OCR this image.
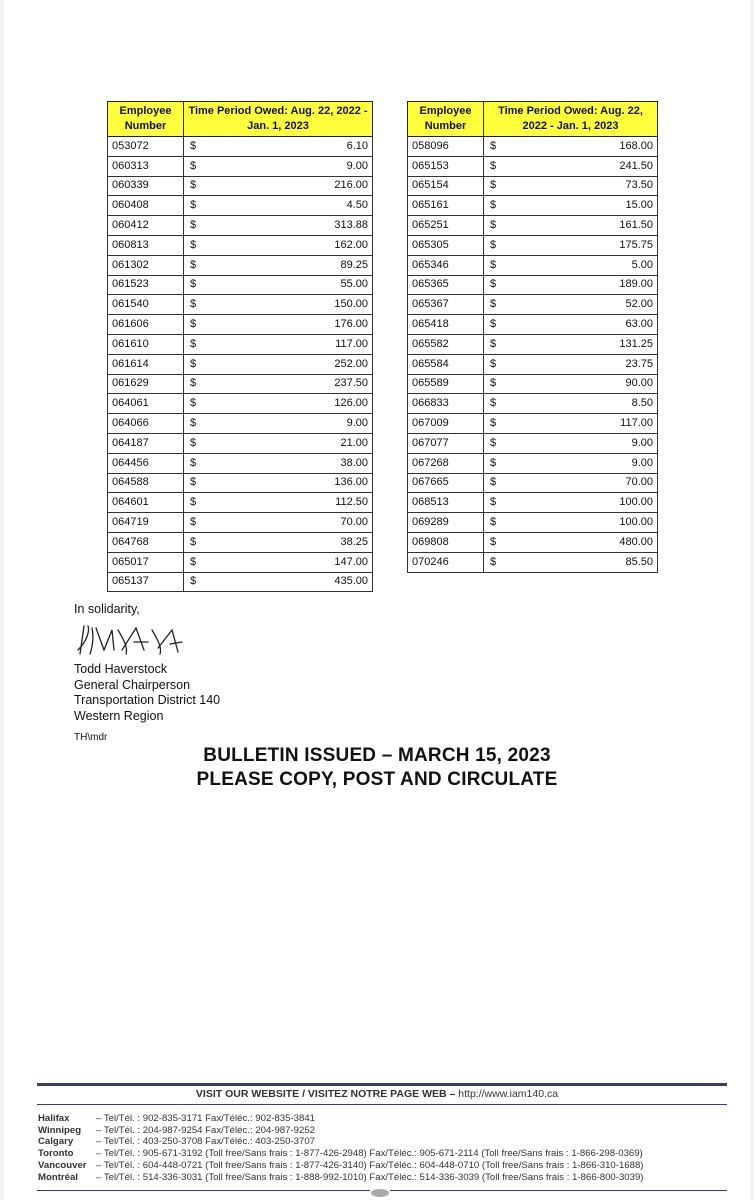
Employee Number	Time Period Owed: Aug. 22, 2022 - Jan. 1, 2023
053072	$ 6.10

060313	$ 9.00

060339	$ 216.00

060408	$ 4.50

060412	$ 313.88

060813	$ 162.00

061302	$ 89.25

061523	$ 55.00

061540	$ 150.00

061606	$ 176.00

061610	$ 117.00

061614	$ 252.00

061629	$ 237.50

064061	$ 126.00

064066	$ 9.00

064187	$ 21.00

064456	$ 38.00

064588	$ 136.00

064601	$ 112.50

064719	$ 70.00

064768	$ 38.25

065017	$ 147.00

065137	$ 435.00
Employee Number	Time Period Owed: Aug. 22, 2022 - Jan. 1, 2023
058096	$ 168.00

065153	$ 241.50

065154	$ 73.50

065161	$ 15.00

065251	$ 161.50

065305	$ 175.75

065346	$ 5.00

065365	$ 189.00

065367	$ 52.00

065418	$ 63.00

065582	$ 131.25

065584	$ 23.75

065589	$ 90.00

066833	$ 8.50

067009	$ 117.00

067077	$ 9.00

067268	$ 9.00

067665	$ 70.00

068513	$ 100.00

069289	$ 100.00

069808	$ 480.00

070246	$ 85.50
In solidarity,
Todd Haverstock
General Chairperson
Transportation District 140
Western Region
TH\mdr
BULLETIN ISSUED – MARCH 15, 2023
PLEASE COPY, POST AND CIRCULATE
VISIT OUR WEBSITE / VISITEZ NOTRE PAGE WEB – http://www.iam140.ca
Halifax	– Tel/Tél. : 902-835-3171 Fax/Téléc.: 902-835-3841
Winnipeg	– Tel/Tél. : 204-987-9254 Fax/Téléc.: 204-987-9252
Calgary	– Tel/Tél. : 403-250-3708 Fax/Téléc.: 403-250-3707
Toronto	– Tel/Tél. : 905-671-3192 (Toll free/Sans frais : 1-877-426-2948) Fax/Téléc.: 905-671-2114 (Toll free/Sans frais : 1-866-298-0369)
Vancouver	– Tel/Tél. : 604-448-0721 (Toll free/Sans frais : 1-877-426-3140) Fax/Téléc.: 604-448-0710 (Toll free/Sans frais : 1-866-310-1688)
Montréal	– Tel/Tél. : 514-336-3031 (Toll free/Sans frais : 1-888-992-1010) Fax/Téléc.: 514-336-3039 (Toll free/Sans frais : 1-866-800-3039)
